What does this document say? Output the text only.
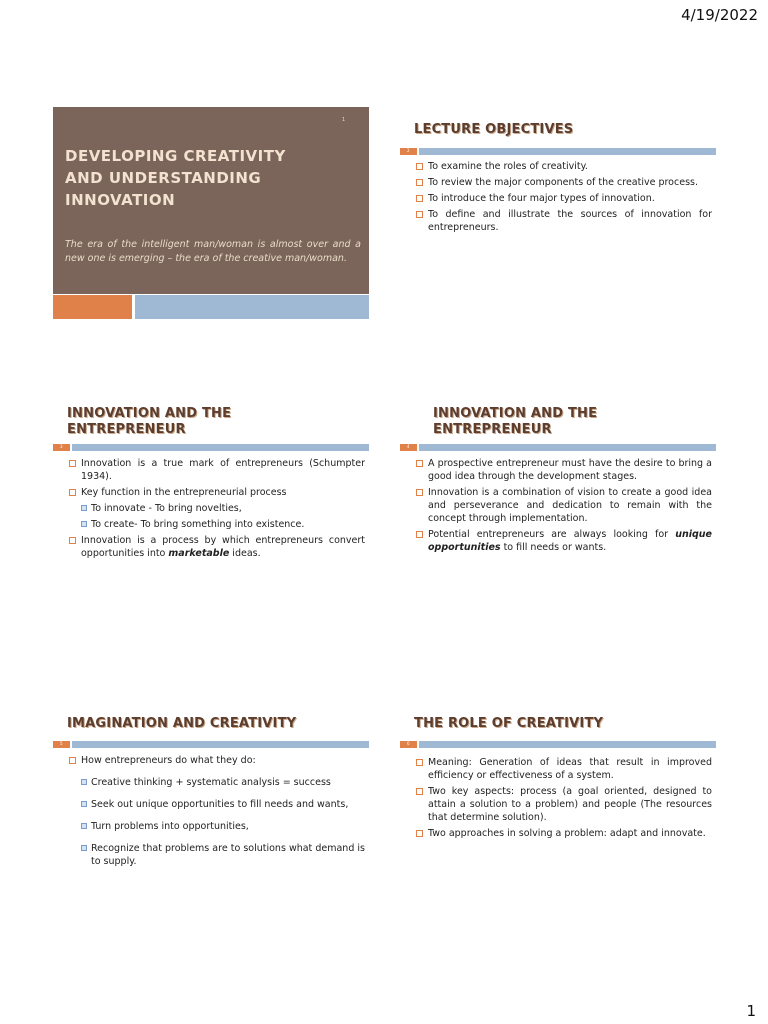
4/19/2022
1
DEVELOPING CREATIVITY
AND UNDERSTANDING
INNOVATION

The era of the intelligent man/woman is almost over and a new one is emerging – the era of the creative man/woman.

LECTURE OBJECTIVES
2
To examine the roles of creativity.
To review the major components of the creative process.
To introduce the four major types of innovation.
To define and illustrate the sources of innovation for entrepreneurs.
INNOVATION AND THE
ENTREPRENEUR
3
Innovation is a true mark of entrepreneurs (Schumpter 1934).
Key function in the entrepreneurial process
To innovate - To bring novelties,
To create- To bring something into existence.
Innovation is a process by which entrepreneurs convert opportunities into marketable ideas.
INNOVATION AND THE
ENTREPRENEUR
4
A prospective entrepreneur must have the desire to bring a good idea through the development stages.
Innovation is a combination of vision to create a good idea and perseverance and dedication to remain with the concept through implementation.
Potential entrepreneurs are always looking for unique opportunities to fill needs or wants.
IMAGINATION AND CREATIVITY
5
How entrepreneurs do what they do:
Creative thinking + systematic analysis = success
Seek out unique opportunities to fill needs and wants,
Turn problems into opportunities,
Recognize that problems are to solutions what demand is to supply.
THE ROLE OF CREATIVITY
6
Meaning: Generation of ideas that result in improved efficiency or effectiveness of a system.
Two key aspects: process (a goal oriented, designed to attain a solution to a problem) and people (The resources that determine solution).
Two approaches in solving a problem: adapt and innovate.
1
